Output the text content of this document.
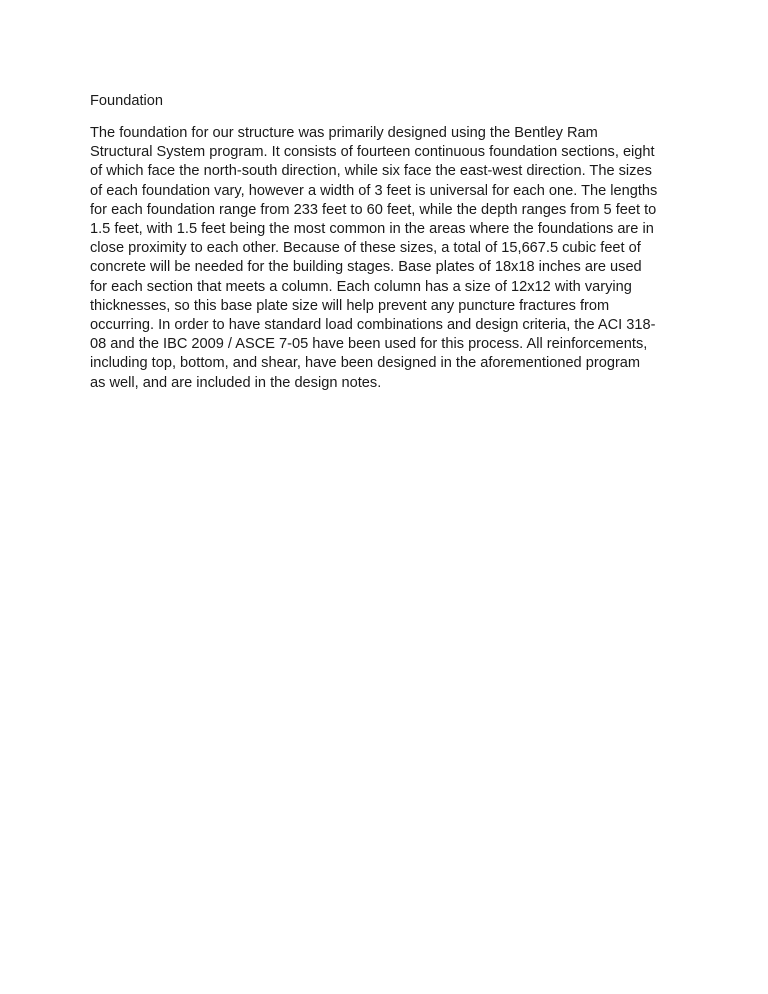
Foundation
The foundation for our structure was primarily designed using the Bentley Ram
Structural System program. It consists of fourteen continuous foundation sections, eight
of which face the north-south direction, while six face the east-west direction. The sizes
of each foundation vary, however a width of 3 feet is universal for each one. The lengths
for each foundation range from 233 feet to 60 feet, while the depth ranges from 5 feet to
1.5 feet, with 1.5 feet being the most common in the areas where the foundations are in
close proximity to each other. Because of these sizes, a total of 15,667.5 cubic feet of
concrete will be needed for the building stages. Base plates of 18x18 inches are used
for each section that meets a column. Each column has a size of 12x12 with varying
thicknesses, so this base plate size will help prevent any puncture fractures from
occurring. In order to have standard load combinations and design criteria, the ACI 318-
08 and the IBC 2009 / ASCE 7-05 have been used for this process. All reinforcements,
including top, bottom, and shear, have been designed in the aforementioned program
as well, and are included in the design notes.
